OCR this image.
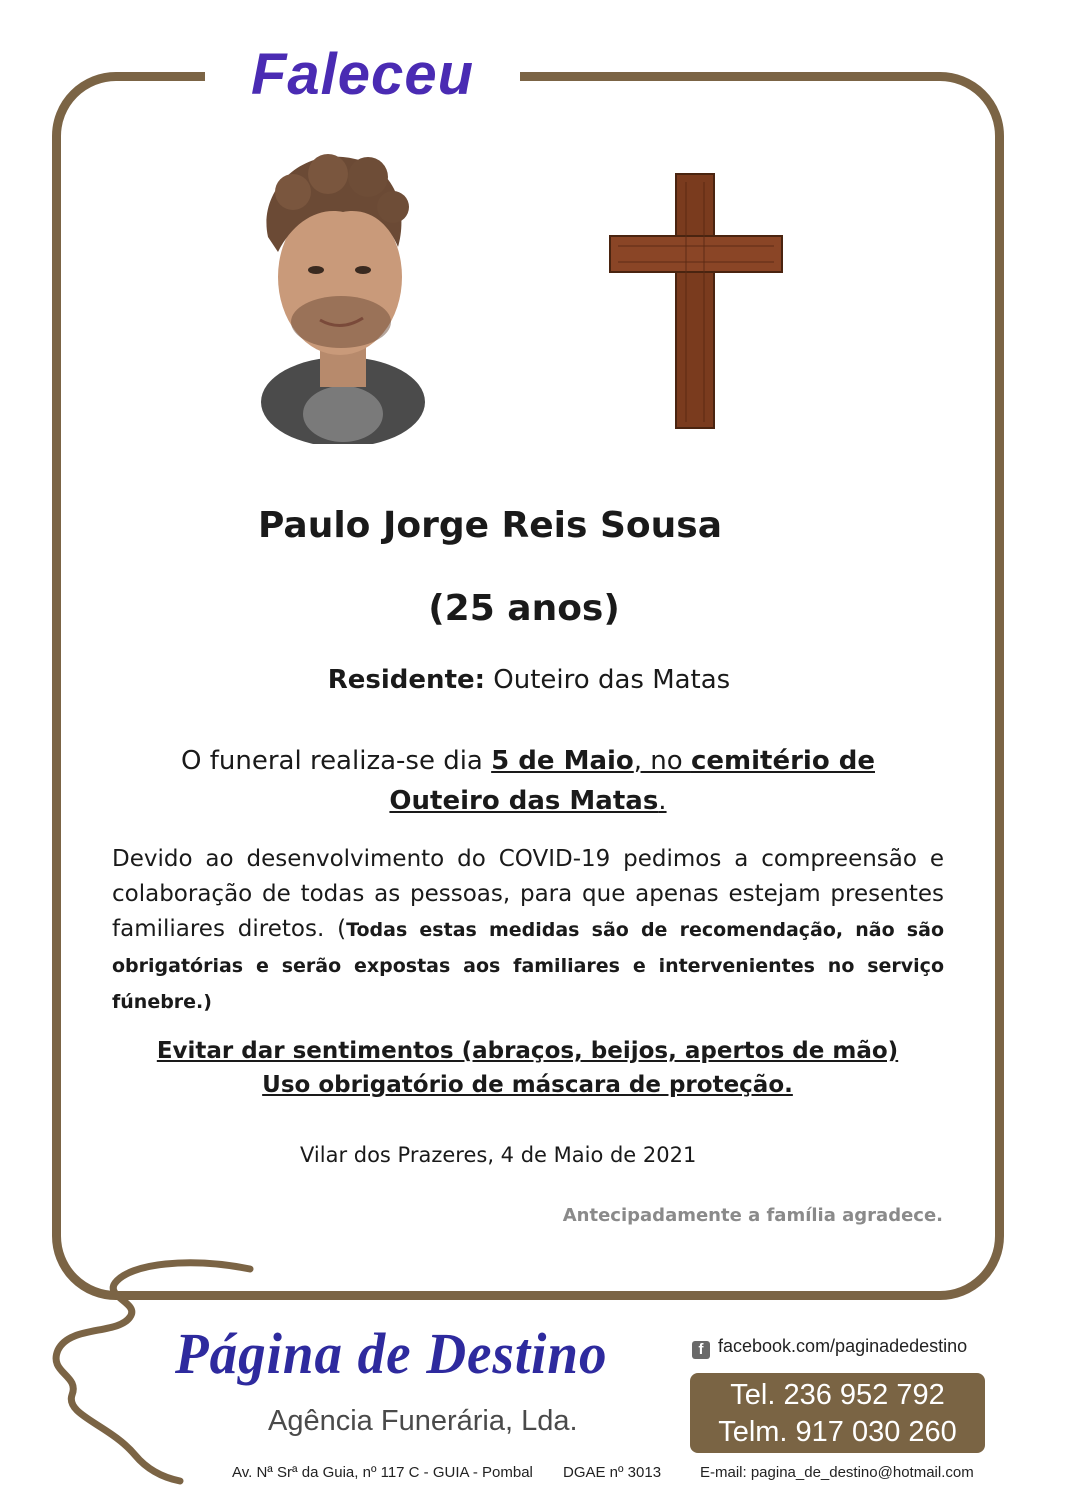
Faleceu
Paulo Jorge Reis Sousa
(25 anos)
Residente: Outeiro das Matas
O funeral realiza-se dia 5 de Maio, no cemitério de Outeiro das Matas.
Devido ao desenvolvimento do COVID-19 pedimos a compreensão e colaboração de todas as pessoas, para que apenas estejam presentes familiares diretos. (Todas estas medidas são de recomendação, não são obrigatórias e serão expostas aos familiares e intervenientes no serviço fúnebre.)
Evitar dar sentimentos (abraços, beijos, apertos de mão)
Uso obrigatório de máscara de proteção.
Vilar dos Prazeres, 4 de Maio de 2021
Antecipadamente a família agradece.
Página de Destino
Agência Funerária, Lda.
f facebook.com/paginadedestino
Tel. 236 952 792
Telm. 917 030 260
Av. Nª Srª da Guia, nº 117 C - GUIA - Pombal DGAE nº 3013	E-mail: pagina_de_destino@hotmail.com
